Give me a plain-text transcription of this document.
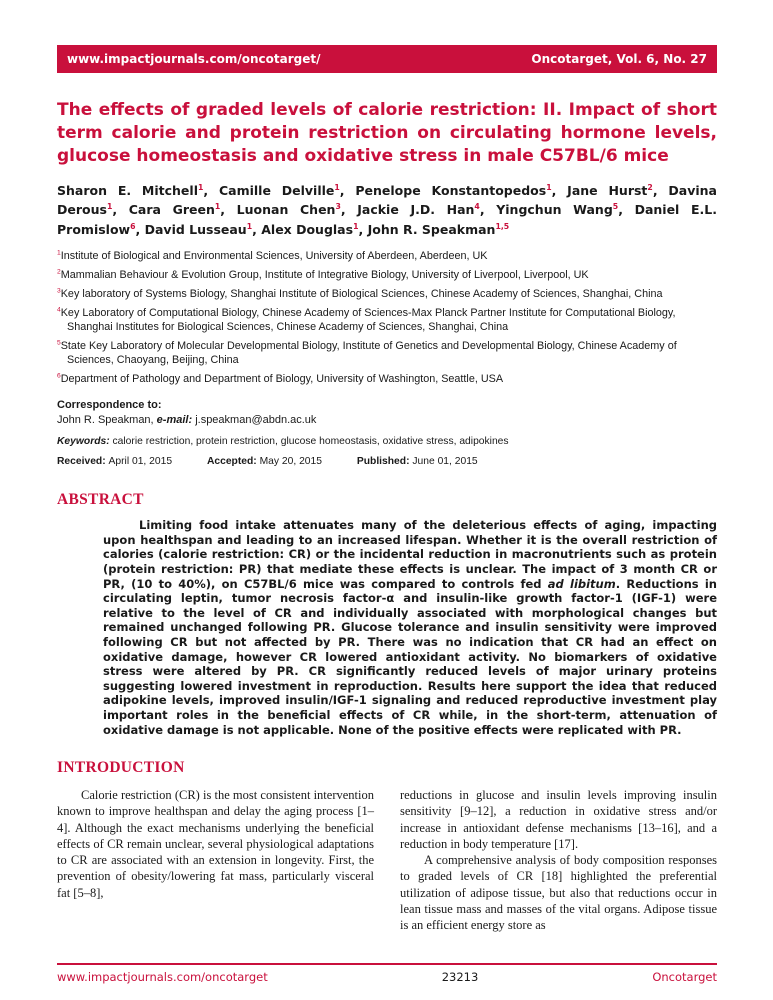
www.impactjournals.com/oncotarget/	Oncotarget, Vol. 6, No. 27
The effects of graded levels of calorie restriction: II. Impact of short term calorie and protein restriction on circulating hormone levels, glucose homeostasis and oxidative stress in male C57BL/6 mice
Sharon E. Mitchell$^1$, Camille Delville$^1$, Penelope Konstantopedos$^1$, Jane Hurst$^2$, Davina Derous$^1$, Cara Green$^1$, Luonan Chen$^3$, Jackie J.D. Han$^4$, Yingchun Wang$^5$, Daniel E.L. Promislow$^6$, David Lusseau$^1$, Alex Douglas$^1$, John R. Speakman$^{1,5}$
$^1$Institute of Biological and Environmental Sciences, University of Aberdeen, Aberdeen, UK
$^2$Mammalian Behaviour & Evolution Group, Institute of Integrative Biology, University of Liverpool, Liverpool, UK
$^3$Key laboratory of Systems Biology, Shanghai Institute of Biological Sciences, Chinese Academy of Sciences, Shanghai, China
$^4$Key Laboratory of Computational Biology, Chinese Academy of Sciences-Max Planck Partner Institute for Computational Biology, Shanghai Institutes for Biological Sciences, Chinese Academy of Sciences, Shanghai, China
$^5$State Key Laboratory of Molecular Developmental Biology, Institute of Genetics and Developmental Biology, Chinese Academy of Sciences, Chaoyang, Beijing, China
$^6$Department of Pathology and Department of Biology, University of Washington, Seattle, USA
Correspondence to:
John R. Speakman, e-mail: j.speakman@abdn.ac.uk
Keywords: calorie restriction, protein restriction, glucose homeostasis, oxidative stress, adipokines
Received: April 01, 2015	Accepted: May 20, 2015	Published: June 01, 2015
ABSTRACT

Limiting food intake attenuates many of the deleterious effects of aging, impacting upon healthspan and leading to an increased lifespan. Whether it is the overall restriction of calories (calorie restriction: CR) or the incidental reduction in macronutrients such as protein (protein restriction: PR) that mediate these effects is unclear. The impact of 3 month CR or PR, (10 to 40%), on C57BL/6 mice was compared to controls fed ad libitum. Reductions in circulating leptin, tumor necrosis factor-α and insulin-like growth factor-1 (IGF-1) were relative to the level of CR and individually associated with morphological changes but remained unchanged following PR. Glucose tolerance and insulin sensitivity were improved following CR but not affected by PR. There was no indication that CR had an effect on oxidative damage, however CR lowered antioxidant activity. No biomarkers of oxidative stress were altered by PR. CR significantly reduced levels of major urinary proteins suggesting lowered investment in reproduction. Results here support the idea that reduced adipokine levels, improved insulin/IGF-1 signaling and reduced reproductive investment play important roles in the beneficial effects of CR while, in the short-term, attenuation of oxidative damage is not applicable. None of the positive effects were replicated with PR.

INTRODUCTION

Calorie restriction (CR) is the most consistent intervention known to improve healthspan and delay the aging process [1–4]. Although the exact mechanisms underlying the beneficial effects of CR remain unclear, several physiological adaptations to CR are associated with an extension in longevity. First, the prevention of obesity/lowering fat mass, particularly visceral fat [5–8],

reductions in glucose and insulin levels improving insulin sensitivity [9–12], a reduction in oxidative stress and/or increase in antioxidant defense mechanisms [13–16], and a reduction in body temperature [17].

A comprehensive analysis of body composition responses to graded levels of CR [18] highlighted the preferential utilization of adipose tissue, but also that reductions occur in lean tissue mass and masses of the vital organs. Adipose tissue is an efficient energy store as

www.impactjournals.com/oncotarget	23213	Oncotarget
